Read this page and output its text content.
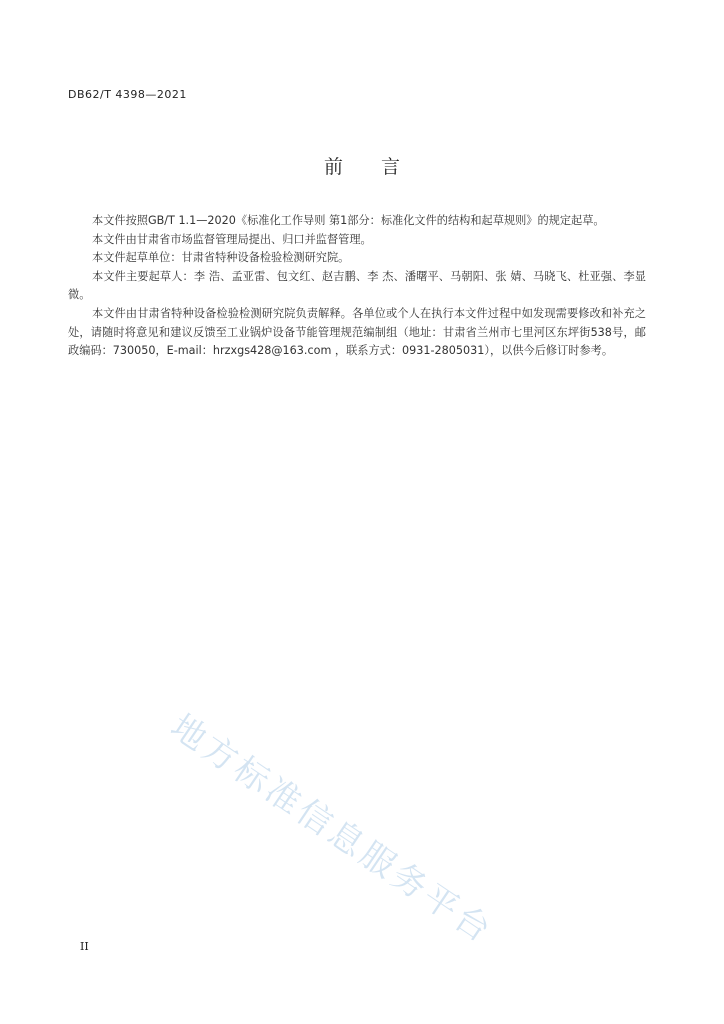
DB62/T 4398—2021
前 言

本文件按照GB/T 1.1—2020《标准化工作导则 第1部分：标准化文件的结构和起草规则》的规定起草。

本文件由甘肃省市场监督管理局提出、归口并监督管理。

本文件起草单位：甘肃省特种设备检验检测研究院。

本文件主要起草人：李 浩、孟亚雷、包文红、赵吉鹏、李 杰、潘曙平、马朝阳、张 婧、马晓飞、杜亚强、李显微。

本文件由甘肃省特种设备检验检测研究院负责解释。各单位或个人在执行本文件过程中如发现需要修改和补充之处，请随时将意见和建议反馈至工业锅炉设备节能管理规范编制组（地址：甘肃省兰州市七里河区东坪街538号，邮政编码：730050，E-mail：hrzxgs428@163.com ，联系方式：0931-2805031），以供今后修订时参考。

地方标准信息服务平台
II
